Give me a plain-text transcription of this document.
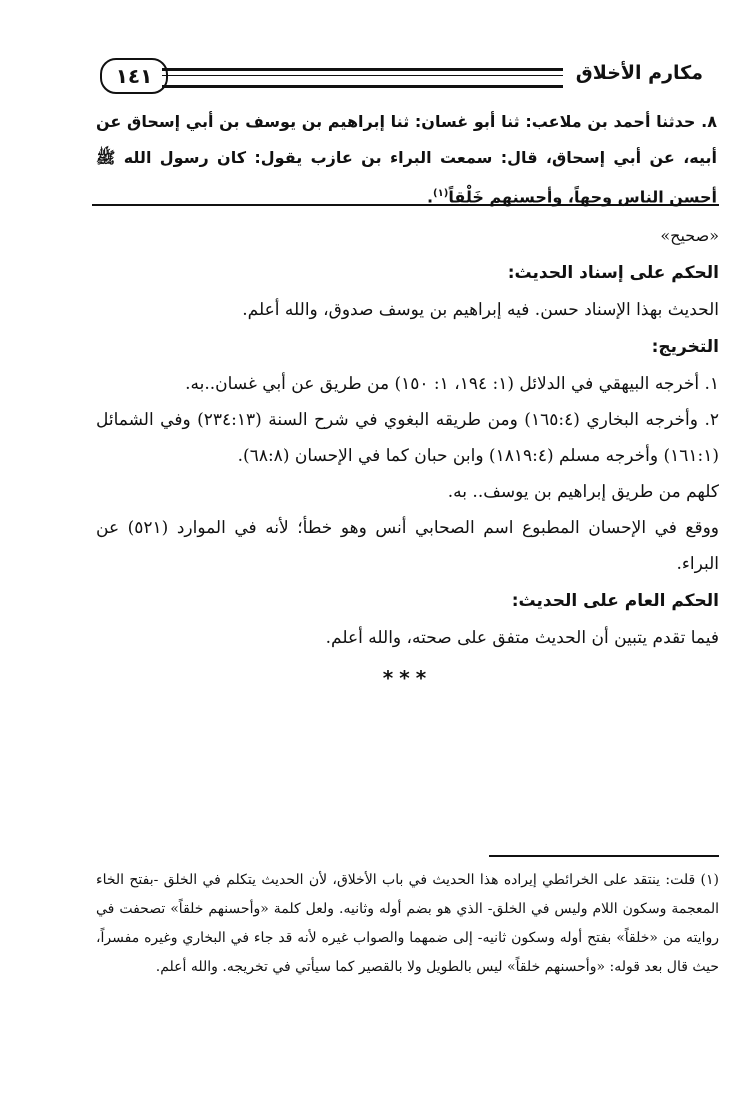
مكارم الأخلاق
١٤١
٨. حدثنا أحمد بن ملاعب: ثنا أبو غسان: ثنا إبراهيم بن يوسف بن أبي إسحاق عن أبيه، عن أبي إسحاق، قال: سمعت البراء بن عازب يقول: كان رسول الله ﷺ أحسن الناس وجهاً، وأحسنهم خَلْقاً$^{(١)}$.

«صحيح»

الحكم على إسناد الحديث:

الحديث بهذا الإسناد حسن. فيه إبراهيم بن يوسف صدوق، والله أعلم.

التخريج:

١. أخرجه البيهقي في الدلائل (١: ١٩٤، ١: ١٥٠) من طريق عن أبي غسان..به.

٢. وأخرجه البخاري (١٦٥:٤) ومن طريقه البغوي في شرح السنة (٢٣٤:١٣) وفي الشمائل (١٦١:١) وأخرجه مسلم (١٨١٩:٤) وابن حبان كما في الإحسان (٦٨:٨).

كلهم من طريق إبراهيم بن يوسف.. به.

ووقع في الإحسان المطبوع اسم الصحابي أنس وهو خطأ؛ لأنه في الموارد (٥٢١) عن البراء.

الحكم العام على الحديث:

فيما تقدم يتبين أن الحديث متفق على صحته، والله أعلم.

***

(١) قلت: ينتقد على الخرائطي إيراده هذا الحديث في باب الأخلاق، لأن الحديث يتكلم في الخلق -بفتح الخاء المعجمة وسكون اللام وليس في الخلق- الذي هو بضم أوله وثانيه. ولعل كلمة «وأحسنهم خلقاً» تصحفت في روايته من «خلقاً» بفتح أوله وسكون ثانيه- إلى ضمهما والصواب غيره لأنه قد جاء في البخاري وغيره مفسراً، حيث قال بعد قوله: «وأحسنهم خلقاً» ليس بالطويل ولا بالقصير كما سيأتي في تخريجه. والله أعلم.
